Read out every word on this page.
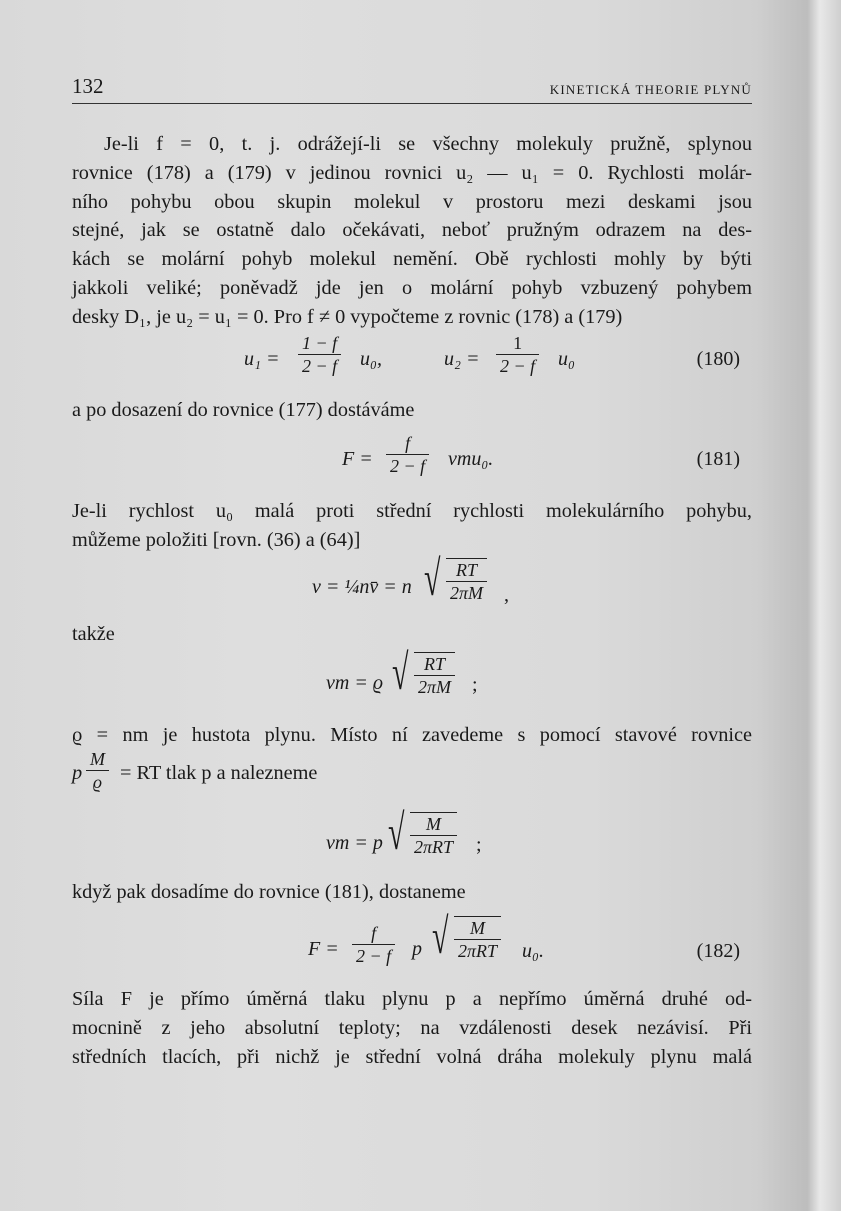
132	KINETICKÁ THEORIE PLYNŮ
Je-li f = 0, t. j. odrážejí-li se všechny molekuly pružně, splynou
rovnice (178) a (179) v jedinou rovnici u₂ — u₁ = 0. Rychlosti molár-
ního pohybu obou skupin molekul v prostoru mezi deskami jsou
stejné, jak se ostatně dalo očekávati, neboť pružným odrazem na des-
kách se molární pohyb molekul nemění. Obě rychlosti mohly by býti
jakkoli veliké; poněvadž jde jen o molární pohyb vzbuzený pohybem
desky D₁, je u₂ = u₁ = 0. Pro f ≠ 0 vypočteme z rovnic (178) a (179)
$u_1 = \frac{1 - f}{2 - f} u_0$,	$u_2 = \frac{1}{2 - f} u_0$	(180)
a po dosazení do rovnice (177) dostáváme
$F = \frac{f}{2 - f} \nu mu_0$.	(181)
Je-li rychlost u₀ malá proti střední rychlosti molekulárního pohybu,
můžeme položiti [rovn. (36) a (64)]
ν = ¼nv̄ = n √ $\frac{RT}{2\pi M}$ ,
takže
νm = ϱ √ $\frac{RT}{2\pi M}$ ;
ϱ = nm je hustota plynu. Místo ní zavedeme s pomocí stavové rovnice
p $\frac{M}{ϱ}$ = RT tlak p a nalezneme
νm = p √ $\frac{M}{\text{2πRT}}$ ;
když pak dosadíme do rovnice (181), dostaneme
$F = \frac{f}{2 - f}$ p √ $\frac{M}{\text{2πRT}} u_0$.	(182)
Síla F je přímo úměrná tlaku plynu p a nepřímo úměrná druhé od-
mocnině z jeho absolutní teploty; na vzdálenosti desek nezávisí. Při
středních tlacích, při nichž je střední volná dráha molekuly plynu malá
